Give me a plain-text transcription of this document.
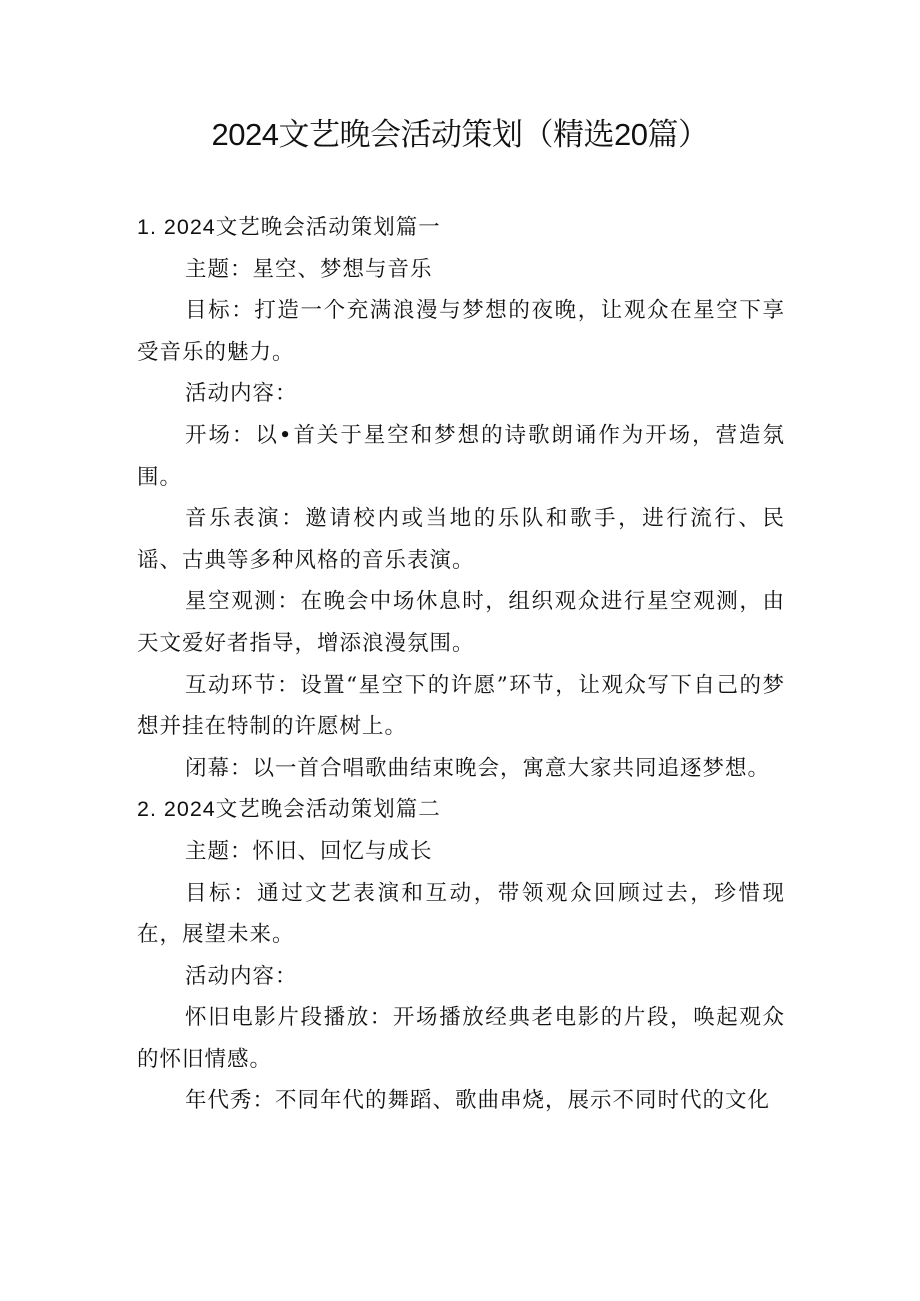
2024文艺晚会活动策划（精选20篇）
1. 2024文艺晚会活动策划篇一

主题：星空、梦想与音乐

目标：打造一个充满浪漫与梦想的夜晚，让观众在星空下享受音乐的魅力。

活动内容：

开场：以•首关于星空和梦想的诗歌朗诵作为开场，营造氛围。

音乐表演：邀请校内或当地的乐队和歌手，进行流行、民谣、古典等多种风格的音乐表演。

星空观测：在晚会中场休息时，组织观众进行星空观测，由天文爱好者指导，增添浪漫氛围。

互动环节：设置“星空下的许愿”环节，让观众写下自己的梦想并挂在特制的许愿树上。

闭幕：以一首合唱歌曲结束晚会，寓意大家共同追逐梦想。

2. 2024文艺晚会活动策划篇二

主题：怀旧、回忆与成长

目标：通过文艺表演和互动，带领观众回顾过去，珍惜现在，展望未来。

活动内容：

怀旧电影片段播放：开场播放经典老电影的片段，唤起观众的怀旧情感。

年代秀：不同年代的舞蹈、歌曲串烧，展示不同时代的文化
